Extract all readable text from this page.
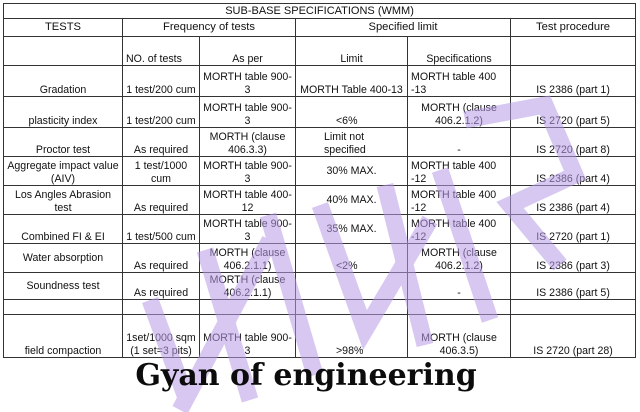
SUB-BASE SPECIFICATIONS (WMM)					
TESTS	Frequency of tests		Specified limit		Test procedure
	NO. of tests	As per	Limit	Specifications	
Gradation	1 test/200 cum	MORTH table 900-3	MORTH Table 400-13	MORTH table 400 -13	IS 2386 (part 1)
plasticity index	1 test/200 cum	MORTH table 900-3	<6%	MORTH (clause 406.2.1.2)	IS 2720 (part 5)
Proctor test	As required	MORTH (clause 406.3.3)	Limit not specified	-	IS 2720 (part 8)
Aggregate impact value (AIV)	1 test/1000 cum	MORTH table 900-3	30% MAX.	MORTH table 400 -12	IS 2386 (part 4)
Los Angles Abrasion test	As required	MORTH table 400-12	40% MAX.	MORTH table 400 -12	IS 2386 (part 4)
Combined FI & EI	1 test/500 cum	MORTH table 900-3	35% MAX.	MORTH table 400 -12	IS 2720 (part 1)
Water absorption	As required	MORTH (clause 406.2.1.1)	<2%	MORTH (clause 406.2.1.2)	IS 2386 (part 3)
Soundness test	As required	MORTH (clause 406.2.1.1)		-	IS 2386 (part 5)

field compaction	1set/1000 sqm (1 set=3 pits)	MORTH table 900-3	>98%	MORTH (clause 406.3.5)	IS 2720 (part 28)
Gyan of engineering
